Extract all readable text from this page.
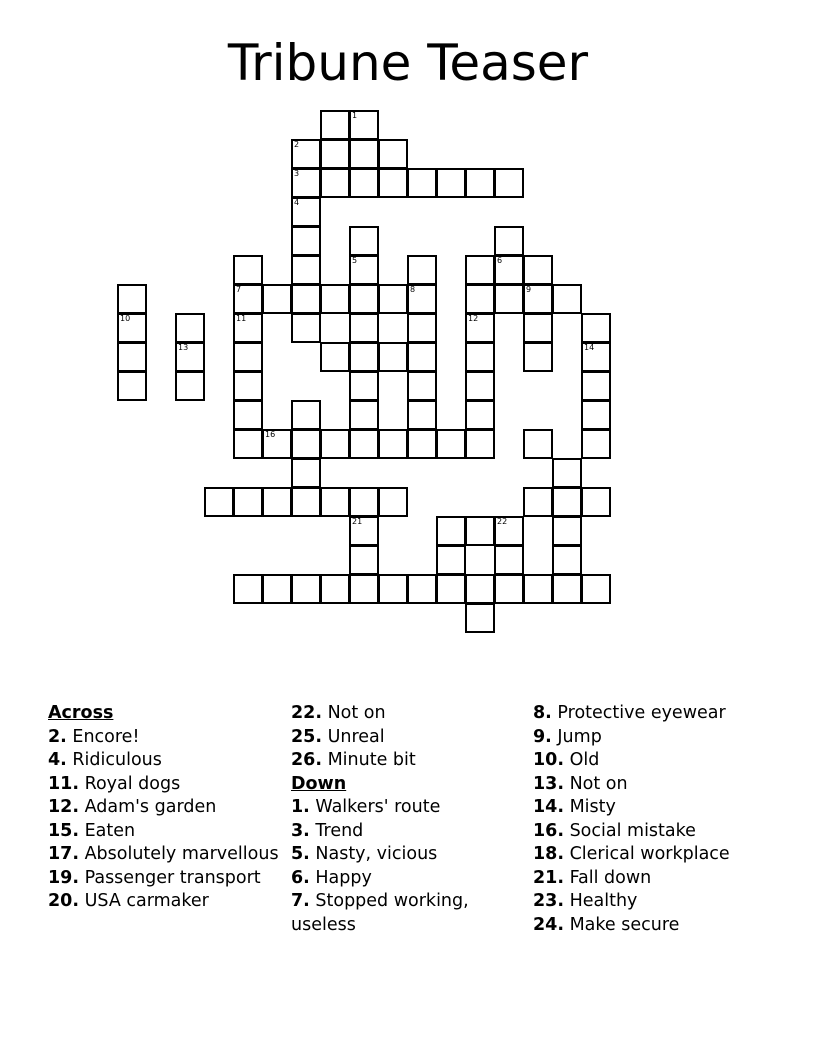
Tribune Teaser
1
2
3
4
5	6
7	8	9
10	11	12
13	14
16
21	22
Across
2. Encore!
4. Ridiculous
11. Royal dogs
12. Adam's garden
15. Eaten
17. Absolutely marvellous
19. Passenger transport
20. USA carmaker
22. Not on
25. Unreal
26. Minute bit
Down
1. Walkers' route
3. Trend
5. Nasty, vicious
6. Happy
7. Stopped working, useless
8. Protective eyewear
9. Jump
10. Old
13. Not on
14. Misty
16. Social mistake
18. Clerical workplace
21. Fall down
23. Healthy
24. Make secure
